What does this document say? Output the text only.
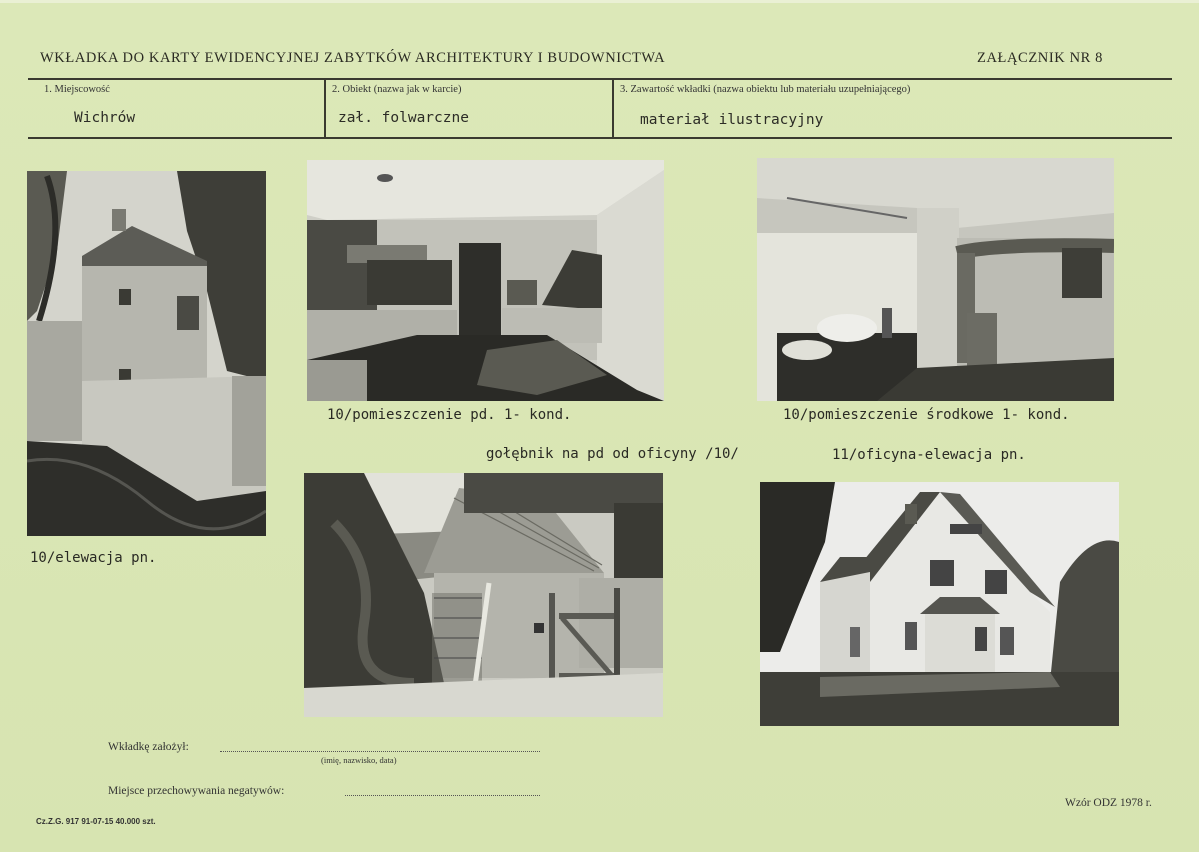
WKŁADKA DO KARTY EWIDENCYJNEJ ZABYTKÓW ARCHITEKTURY I BUDOWNICTWA	ZAŁĄCZNIK NR 8
1. Miejscowość
Wichrów
2. Obiekt (nazwa jak w karcie)
zał. folwarczne
3. Zawartość wkładki (nazwa obiektu lub materiału uzupełniającego)
materiał ilustracyjny
10/elewacja pn.
10/pomieszczenie pd. 1- kond.	10/pomieszczenie środkowe 1- kond.
gołębnik na pd od oficyny /10/	11/oficyna-elewacja pn.
Wkładkę założył:
(imię, nazwisko, data)
Miejsce przechowywania negatywów:
Cz.Z.G. 917 91-07-15 40.000 szt.
Wzór ODZ 1978 r.
